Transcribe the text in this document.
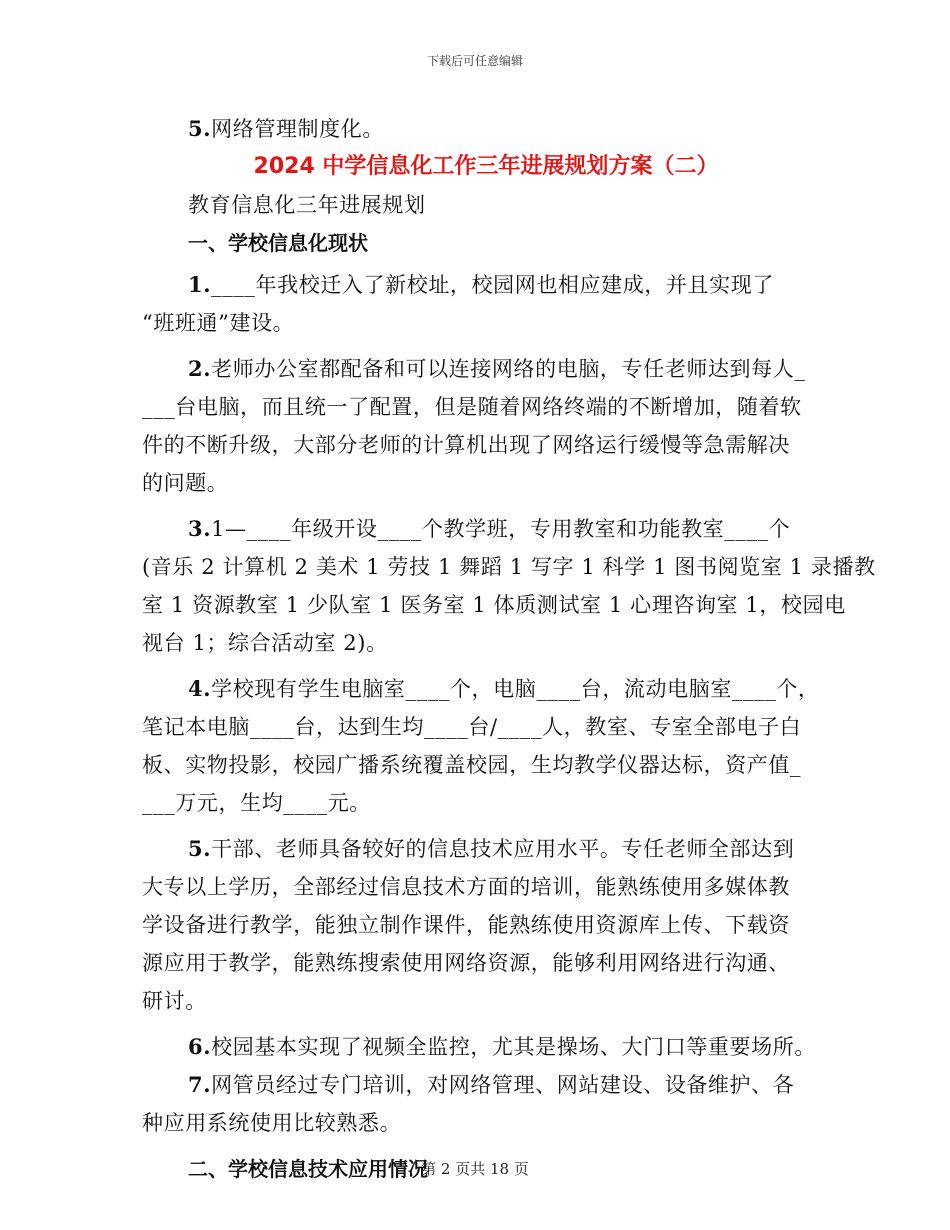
下载后可任意编辑
5.网络管理制度化。
2024 中学信息化工作三年进展规划方案（二）
教育信息化三年进展规划
一、学校信息化现状
1.____年我校迁入了新校址，校园网也相应建成，并且实现了
“班班通”建设。
2.老师办公室都配备和可以连接网络的电脑，专任老师达到每人_
___台电脑，而且统一了配置，但是随着网络终端的不断增加，随着软
件的不断升级，大部分老师的计算机出现了网络运行缓慢等急需解决
的问题。
3.1—____年级开设____个教学班，专用教室和功能教室____个
(音乐 2 计算机 2 美术 1 劳技 1 舞蹈 1 写字 1 科学 1 图书阅览室 1 录播教
室 1 资源教室 1 少队室 1 医务室 1 体质测试室 1 心理咨询室 1，校园电
视台 1；综合活动室 2)。
4.学校现有学生电脑室____个，电脑____台，流动电脑室____个，
笔记本电脑____台，达到生均____台/____人，教室、专室全部电子白
板、实物投影，校园广播系统覆盖校园，生均教学仪器达标，资产值_
___万元，生均____元。
5.干部、老师具备较好的信息技术应用水平。专任老师全部达到
大专以上学历，全部经过信息技术方面的培训，能熟练使用多媒体教
学设备进行教学，能独立制作课件，能熟练使用资源库上传、下载资
源应用于教学，能熟练搜索使用网络资源，能够利用网络进行沟通、
研讨。
6.校园基本实现了视频全监控，尤其是操场、大门口等重要场所。
7.网管员经过专门培训，对网络管理、网站建设、设备维护、各
种应用系统使用比较熟悉。
二、学校信息技术应用情况
第 2 页共 18 页
